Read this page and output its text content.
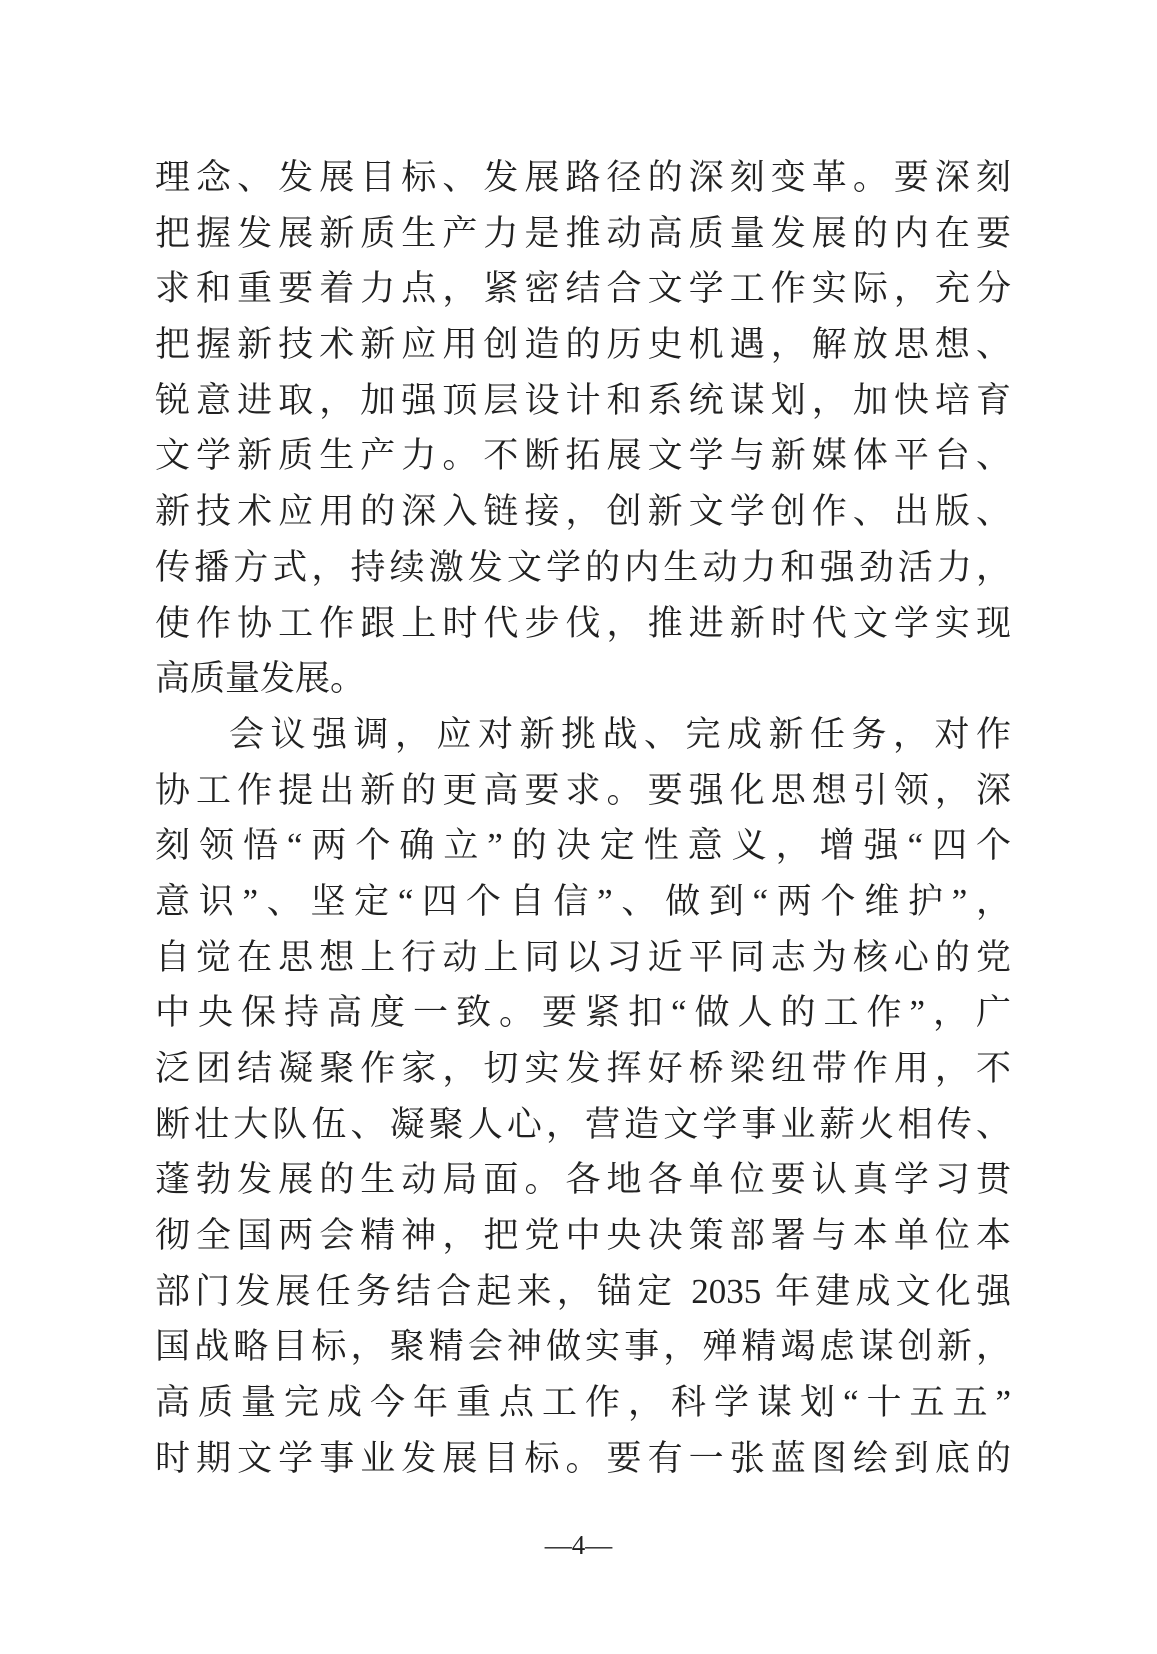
理念、发展目标、发展路径的深刻变革。要深刻
把握发展新质生产力是推动高质量发展的内在要
求和重要着力点，紧密结合文学工作实际，充分
把握新技术新应用创造的历史机遇，解放思想、
锐意进取，加强顶层设计和系统谋划，加快培育
文学新质生产力。不断拓展文学与新媒体平台、
新技术应用的深入链接，创新文学创作、出版、
传播方式，持续激发文学的内生动力和强劲活力，
使作协工作跟上时代步伐，推进新时代文学实现
高质量发展。
会议强调，应对新挑战、完成新任务，对作
协工作提出新的更高要求。要强化思想引领，深
刻领悟“两个确立”的决定性意义，增强“四个
意识”、坚定“四个自信”、做到“两个维护”，
自觉在思想上行动上同以习近平同志为核心的党
中央保持高度一致。要紧扣“做人的工作”，广
泛团结凝聚作家，切实发挥好桥梁纽带作用，不
断壮大队伍、凝聚人心，营造文学事业薪火相传、
蓬勃发展的生动局面。各地各单位要认真学习贯
彻全国两会精神，把党中央决策部署与本单位本
部门发展任务结合起来，锚定 2035 年建成文化强
国战略目标，聚精会神做实事，殚精竭虑谋创新，
高质量完成今年重点工作，科学谋划“十五五”
时期文学事业发展目标。要有一张蓝图绘到底的
—4—
